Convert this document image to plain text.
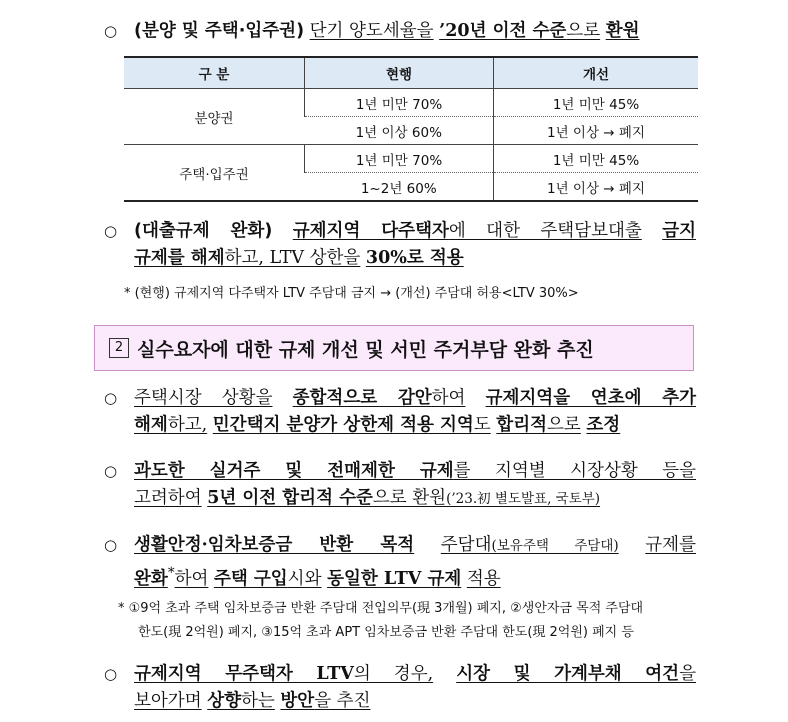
○ (분양 및 주택·입주권) 단기 양도세율을 ’20년 이전 수준으로 환원
구 분	현행	개선
분양권	1년 미만 70%	1년 미만 45%
	1년 이상 60%	1년 이상 → 폐지
주택·입주권	1년 미만 70%	1년 미만 45%
	1~2년 60%	1년 이상 → 폐지
○ (대출규제 완화) 규제지역 다주택자에 대한 주택담보대출 금지
규제를 해제하고, LTV 상한을 30%로 적용
* (현행) 규제지역 다주택자 LTV 주담대 금지 → (개선) 주담대 허용<LTV 30%>
2 실수요자에 대한 규제 개선 및 서민 주거부담 완화 추진
○ 주택시장 상황을 종합적으로 감안하여 규제지역을 연초에 추가
해제하고, 민간택지 분양가 상한제 적용 지역도 합리적으로 조정
○ 과도한 실거주 및 전매제한 규제를 지역별 시장상황 등을
고려하여 5년 이전 합리적 수준으로 환원(’23.初 별도발표, 국토부)
○ 생활안정·임차보증금 반환 목적 주담대(보유주택 주담대) 규제를
완화*하여 주택 구입시와 동일한 LTV 규제 적용
* ①9억 초과 주택 임차보증금 반환 주담대 전입의무(現 3개월) 폐지, ②생안자금 목적 주담대
한도(現 2억원) 폐지, ③15억 초과 APT 임차보증금 반환 주담대 한도(現 2억원) 폐지 등
○ 규제지역 무주택자 LTV의 경우, 시장 및 가계부채 여건을
보아가며 상향하는 방안을 추진
